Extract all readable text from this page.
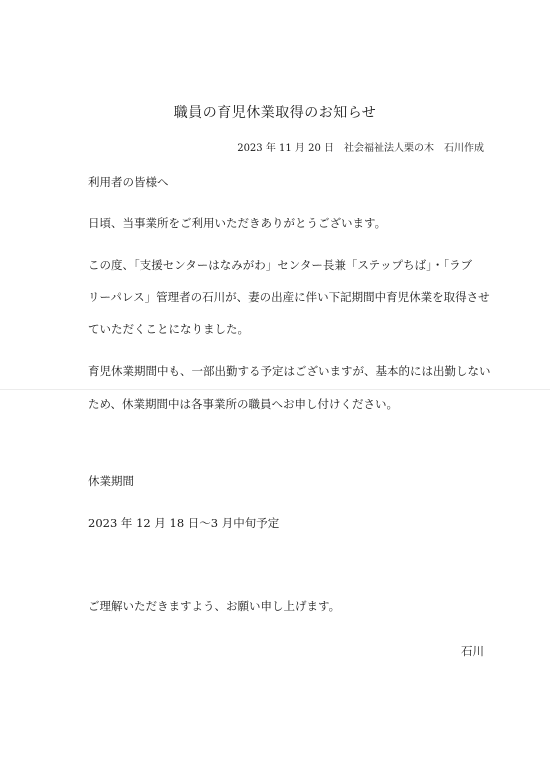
職員の育児休業取得のお知らせ
2023 年 11 月 20 日　社会福祉法人栗の木　石川作成
利用者の皆様へ
日頃、当事業所をご利用いただきありがとうございます。
この度、「支援センターはなみがわ」センター長兼「ステップちば」・「ラブ
リーパレス」管理者の石川が、妻の出産に伴い下記期間中育児休業を取得させ
ていただくことになりました。
育児休業期間中も、一部出勤する予定はございますが、基本的には出勤しない
ため、休業期間中は各事業所の職員へお申し付けください。
休業期間
2023 年 12 月 18 日～3 月中旬予定
ご理解いただきますよう、お願い申し上げます。
石川
